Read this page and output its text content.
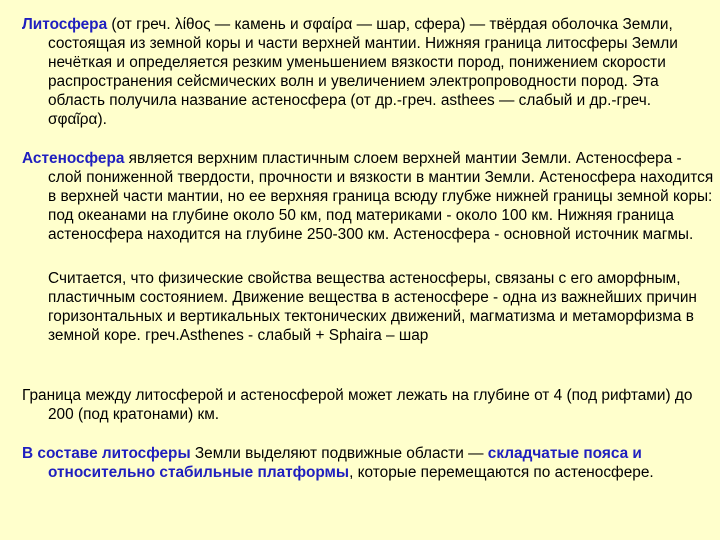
Литосфера (от греч. λίθος — камень и σφαίρα — шар, сфера) — твёрдая оболочка Земли, состоящая из земной коры и части верхней мантии. Нижняя граница литосферы Земли нечёткая и определяется резким уменьшением вязкости пород, понижением скорости распространения сейсмических волн и увеличением электропроводности пород. Эта область получила название астеносфера (от др.-греч. asthees — слабый и др.-греч. σφαῖρα).
Астеносфера является верхним пластичным слоем верхней мантии Земли. Астеносфера - слой пониженной твердости, прочности и вязкости в мантии Земли. Астеносфера находится в верхней части мантии, но ее верхняя граница всюду глубже нижней границы земной коры: под океанами на глубине около 50 км, под материками - около 100 км. Нижняя граница астеносфера находится на глубине 250-300 км. Астеносфера - основной источник магмы.
Считается, что физические свойства вещества астеносферы, связаны с его аморфным, пластичным состоянием. Движение вещества в астеносфере - одна из важнейших причин горизонтальных и вертикальных тектонических движений, магматизма и метаморфизма в земной коре. греч.Asthenes - слабый + Sphaira – шар
Граница между литосферой и астеносферой может лежать на глубине от 4 (под рифтами) до 200 (под кратонами) км.
В составе литосферы Земли выделяют подвижные области — складчатые пояса и относительно стабильные платформы, которые перемещаются по астеносфере.
